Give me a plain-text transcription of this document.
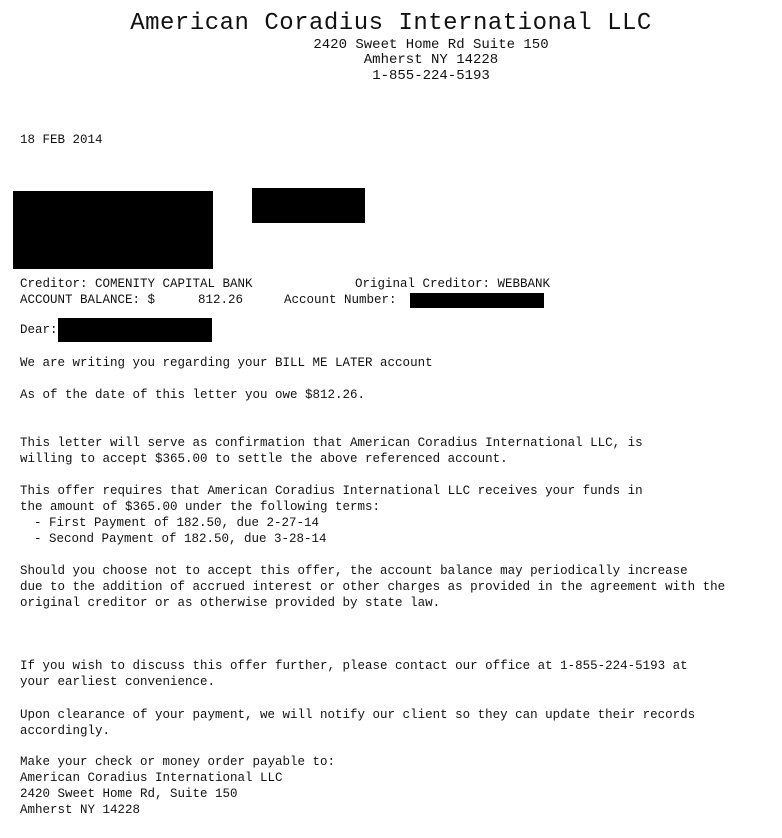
American Coradius International LLC
2420 Sweet Home Rd Suite 150
Amherst NY 14228
1-855-224-5193
18 FEB 2014
Creditor: COMENITY CAPITAL BANK	Original Creditor: WEBBANK
ACCOUNT BALANCE: $	812.26	Account Number:
Dear:
We are writing you regarding your BILL ME LATER account
As of the date of this letter you owe $812.26.
This letter will serve as confirmation that American Coradius International LLC, is
willing to accept $365.00 to settle the above referenced account.
This offer requires that American Coradius International LLC receives your funds in
the amount of $365.00 under the following terms:
- First Payment of 182.50, due 2-27-14
- Second Payment of 182.50, due 3-28-14
Should you choose not to accept this offer, the account balance may periodically increase
due to the addition of accrued interest or other charges as provided in the agreement with the
original creditor or as otherwise provided by state law.
If you wish to discuss this offer further, please contact our office at 1-855-224-5193 at
your earliest convenience.
Upon clearance of your payment, we will notify our client so they can update their records
accordingly.
Make your check or money order payable to:
American Coradius International LLC
2420 Sweet Home Rd, Suite 150
Amherst NY 14228
